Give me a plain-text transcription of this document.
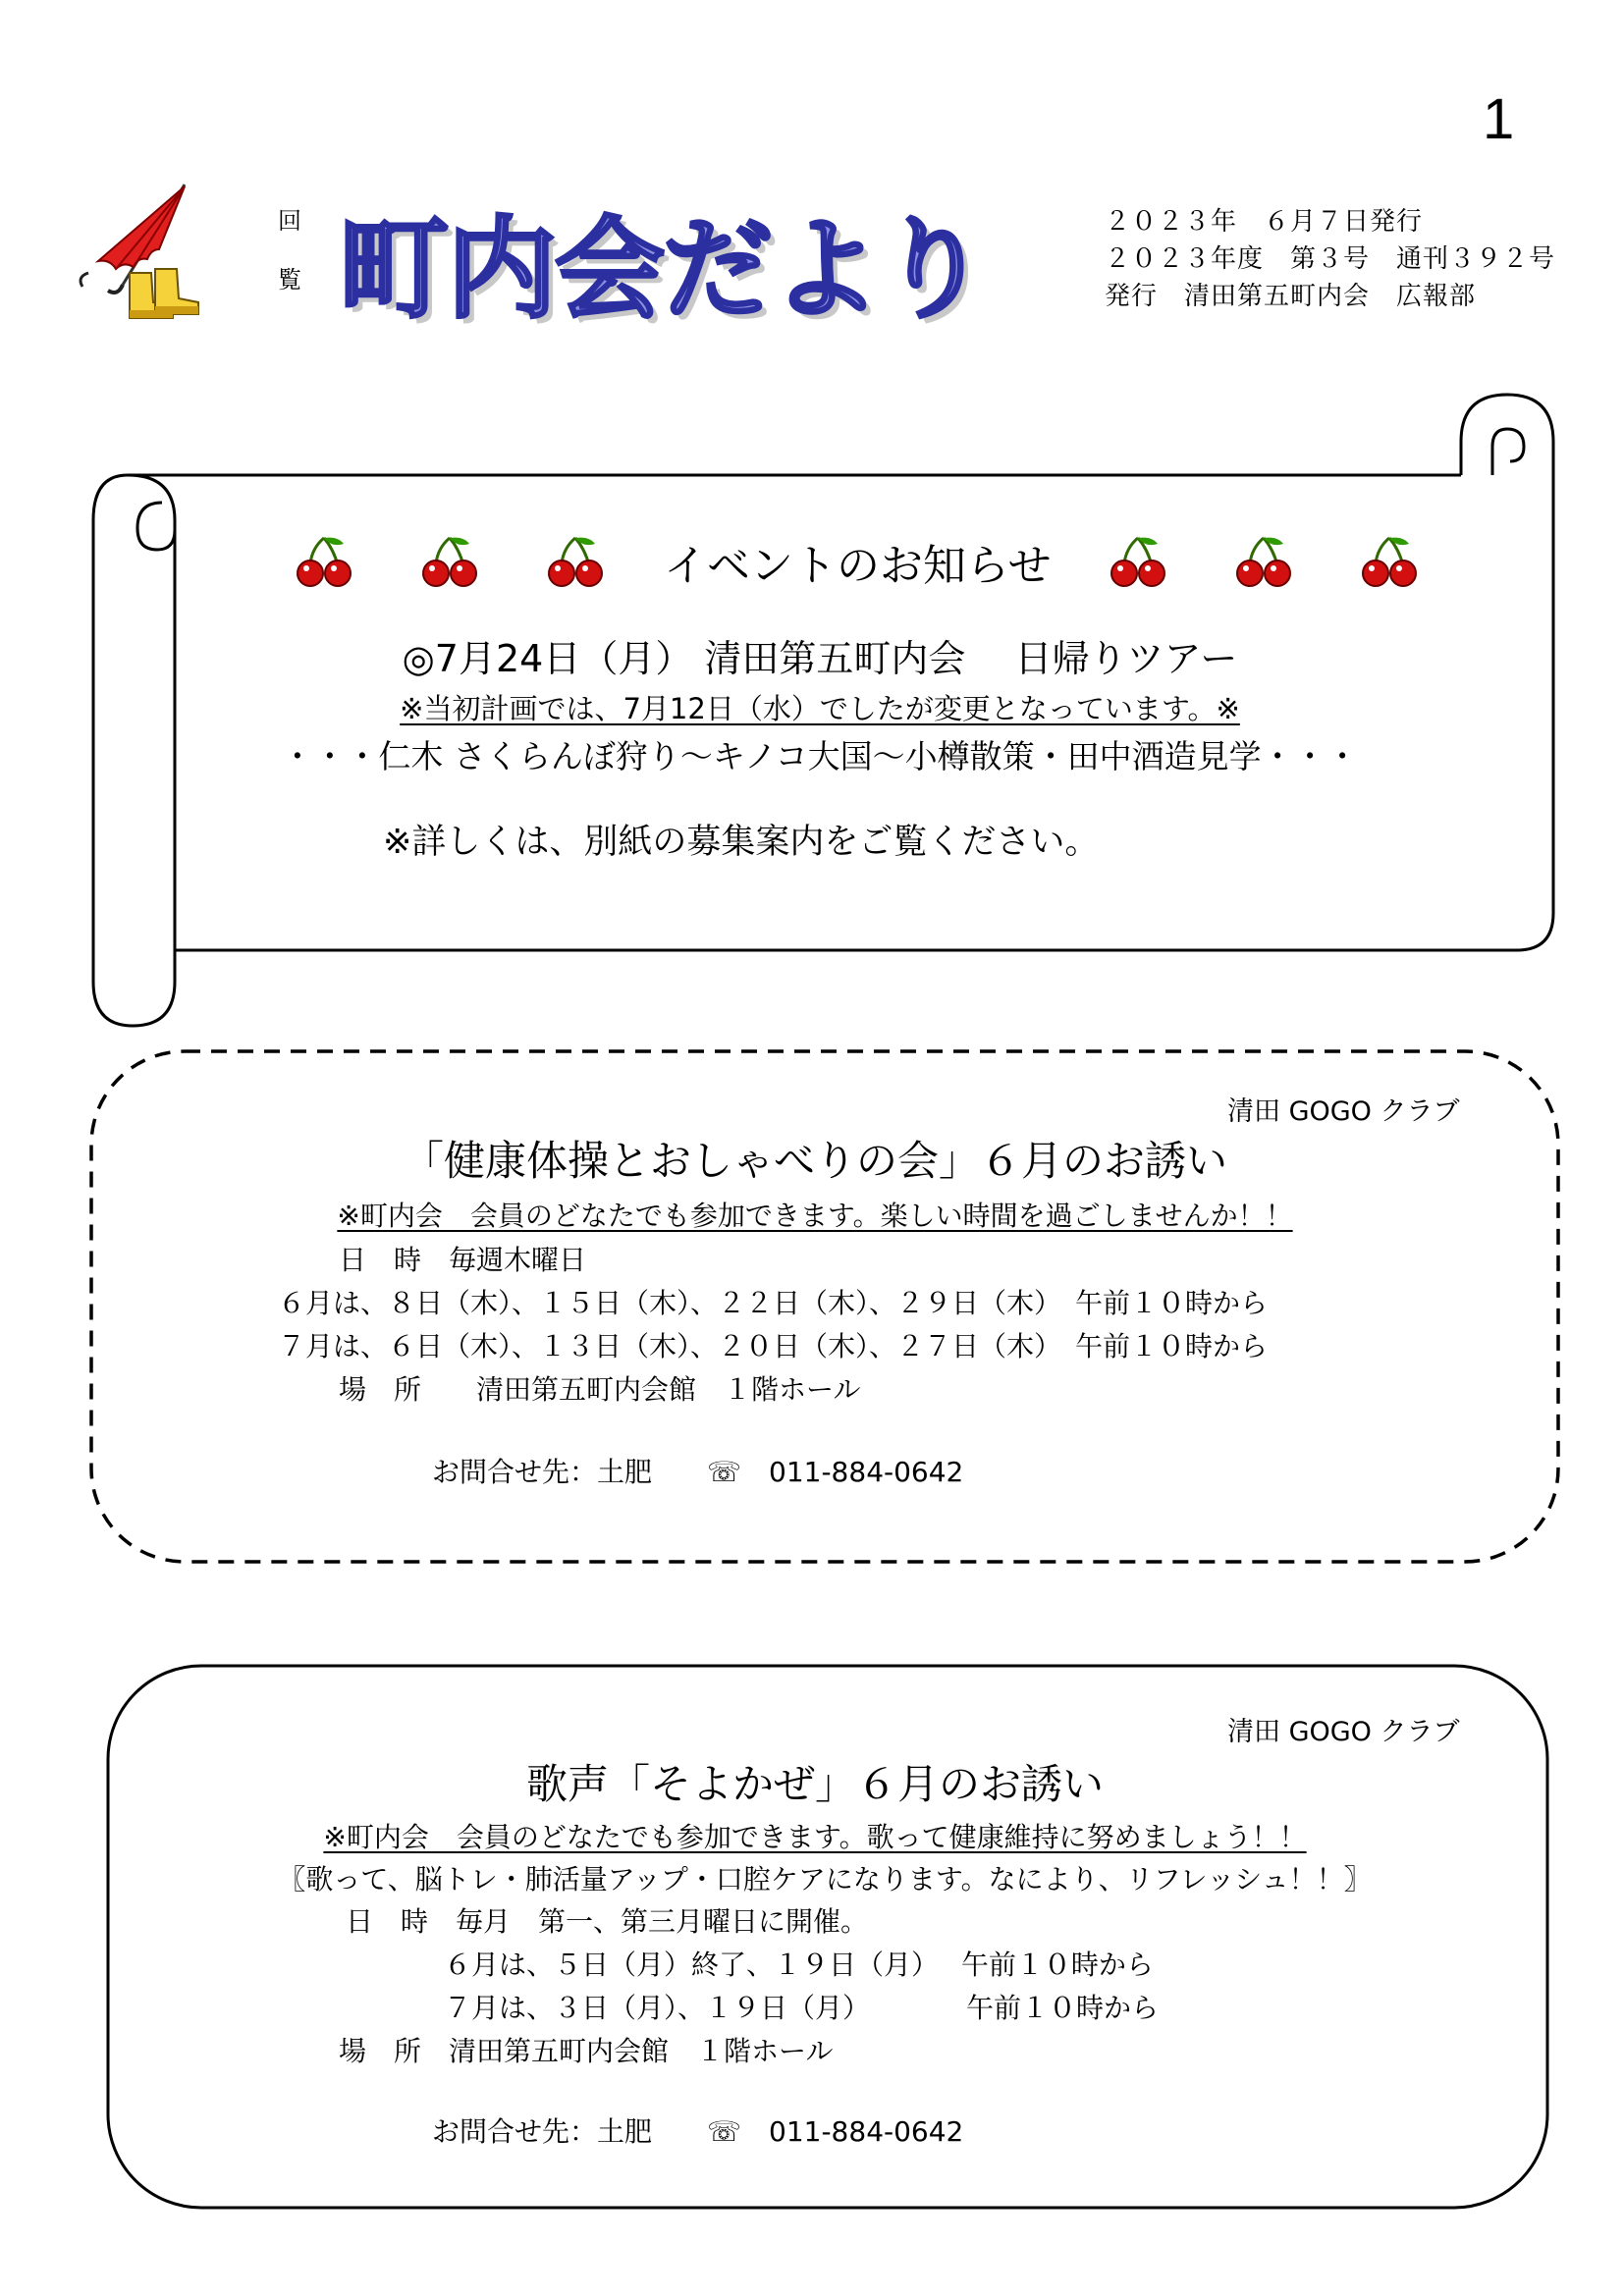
1
回
覧 町内会だより	２０２３年　６月７日発行
２０２３年度　第３号　通刊３９２号
発行　清田第五町内会　広報部
イベントのお知らせ
◎7月24日（月） 清田第五町内会　 日帰りツアー
※当初計画では、7月12日（水）でしたが変更となっています。※
・・・仁木 さくらんぼ狩り～キノコ大国～小樽散策・田中酒造見学・・・
※詳しくは、別紙の募集案内をご覧ください。
清田 GOGO クラブ
「健康体操とおしゃべりの会」６月のお誘い
※町内会　会員のどなたでも参加できます。楽しい時間を過ごしませんか！！
日　時　毎週木曜日
６月は、８日（木）、１５日（木）、２２日（木）、２９日（木）　午前１０時から
７月は、６日（木）、１３日（木）、２０日（木）、２７日（木）　午前１０時から
場　所　　清田第五町内会館　１階ホール
お問合せ先：土肥　　☏　011-884-0642
清田 GOGO クラブ
歌声「そよかぜ」６月のお誘い
※町内会　会員のどなたでも参加できます。歌って健康維持に努めましょう！！
〖歌って、脳トレ・肺活量アップ・口腔ケアになります。なにより、リフレッシュ！！〗
日　時　毎月　第一、第三月曜日に開催。
６月は、５日（月）終了、１９日（月）　 午前１０時から
７月は、３日（月）、１９日（月）　　　　午前１０時から
場　所　清田第五町内会館　１階ホール
お問合せ先：土肥　　☏　011-884-0642
